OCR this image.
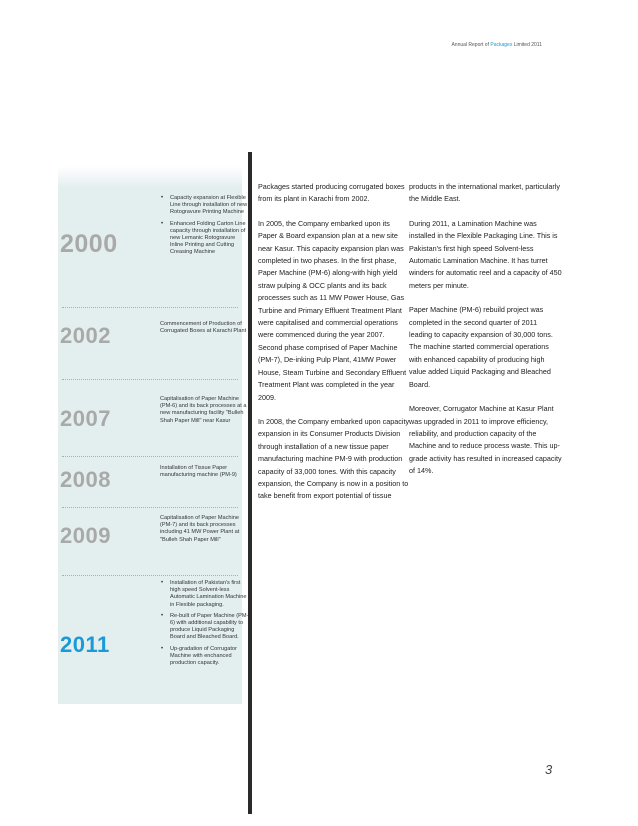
Annual Report of Packages Limited 2011
2000
• Capacity expansion at Flexible Line through installation of new Rotogravure Printing Machine
• Enhanced Folding Carton Line capacity through installation of new Lemanic Rotogravure Inline Printing and Cutting Creasing Machine
2002	Commencement of Production of Corrugated Boxes at Karachi Plant
2007
Capitalisation of Paper Machine (PM-6) and its back processes at a new manufacturing facility "Bulleh Shah Paper Mill" near Kasur
2008	Installation of Tissue Paper manufacturing machine (PM-9)
2009
Capitalisation of Paper Machine (PM-7) and its back processes including 41 MW Power Plant at "Bulleh Shah Paper Mill"
2011
• Installation of Pakistan's first high speed Solvent-less Automatic Lamination Machine in Flexible packaging.
• Re-built of Paper Machine (PM-6) with additional capability to produce Liquid Packaging Board and Bleached Board.
• Up-gradation of Corrugator Machine with enchanced production capacity.

Packages started producing corrugated boxes from its plant in Karachi from 2002.

In 2005, the Company embarked upon its Paper & Board expansion plan at a new site near Kasur. This capacity expansion plan was completed in two phases. In the first phase, Paper Machine (PM-6) along-with high yield straw pulping & OCC plants and its back processes such as 11 MW Power House, Gas Turbine and Primary Effluent Treatment Plant were capitalised and commercial operations were commenced during the year 2007. Second phase comprised of Paper Machine (PM-7), De-inking Pulp Plant, 41MW Power House, Steam Turbine and Secondary Effluent Treatment Plant was completed in the year 2009.

In 2008, the Company embarked upon capacity expansion in its Consumer Products Division through installation of a new tissue paper manufacturing machine PM-9 with production capacity of 33,000 tones. With this capacity expansion, the Company is now in a position to take benefit from export potential of tissue

products in the international market, particularly the Middle East.

During 2011, a Lamination Machine was installed in the Flexible Packaging Line. This is Pakistan's first high speed Solvent-less Automatic Lamination Machine. It has turret winders for automatic reel and a capacity of 450 meters per minute.

Paper Machine (PM-6) rebuild project was completed in the second quarter of 2011 leading to capacity expansion of 30,000 tons. The machine started commercial operations with enhanced capability of producing high value added Liquid Packaging and Bleached Board.

Moreover, Corrugator Machine at Kasur Plant was upgraded in 2011 to improve efficiency, reliability, and production capacity of the Machine and to reduce process waste. This up-grade activity has resulted in increased capacity of 14%.

3
